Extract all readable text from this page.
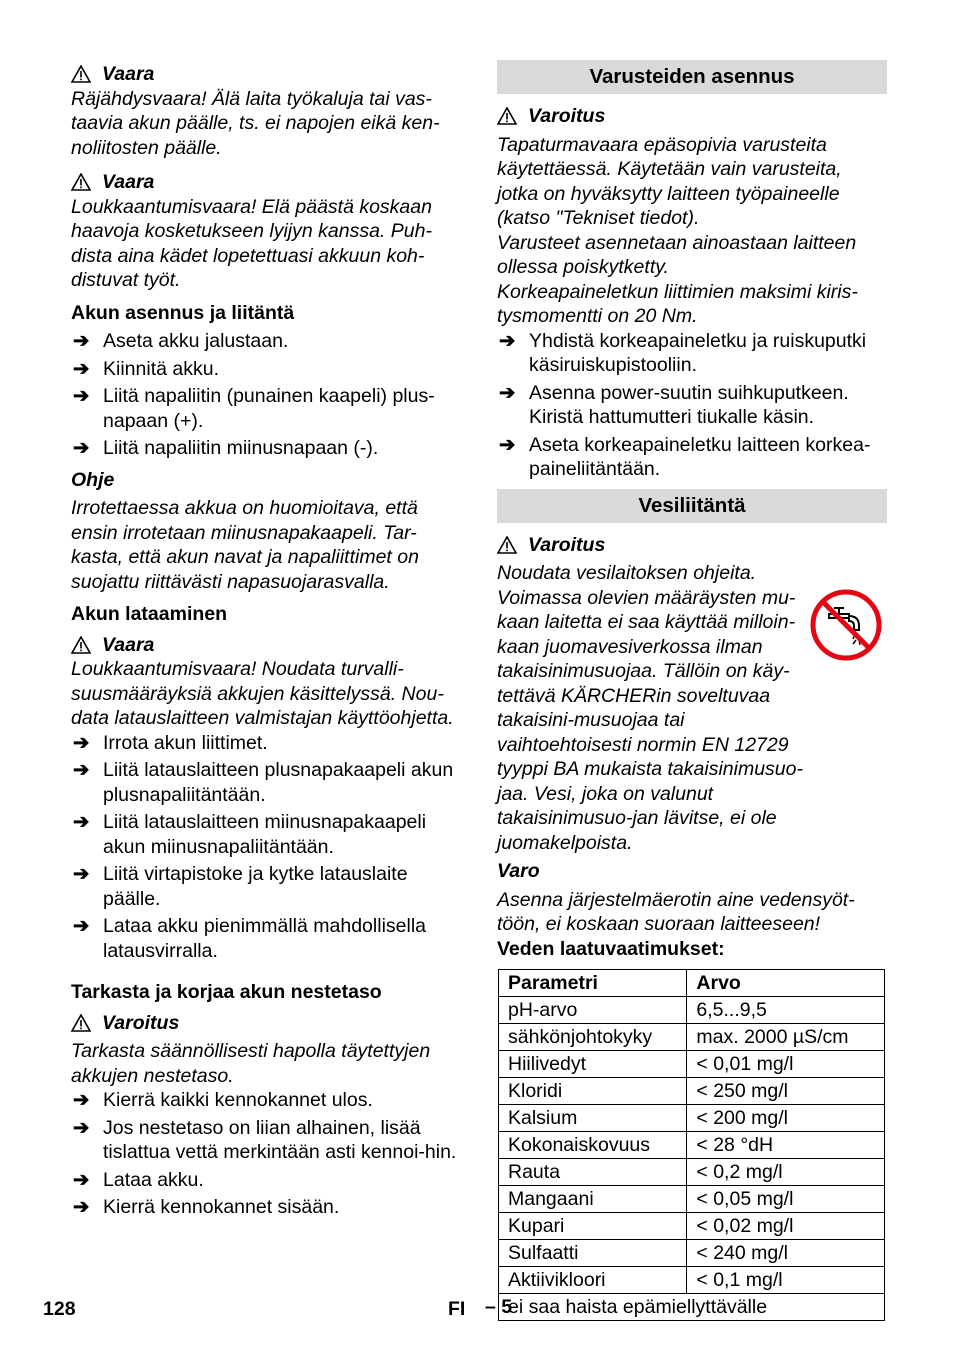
Vaara

Räjähdysvaara! Älä laita työkaluja tai vas-taavia akun päälle, ts. ei napojen eikä ken-noliitosten päälle.

Vaara

Loukkaantumisvaara! Elä päästä koskaan haavoja kosketukseen lyijyn kanssa. Puh-dista aina kädet lopetettuasi akkuun koh-distuvat työt.

Akun asennus ja liitäntä

➔ Aseta akku jalustaan.
➔ Kiinnitä akku.
➔ Liitä napaliitin (punainen kaapeli) plus-napaan (+).
➔ Liitä napaliitin miinusnapaan (-).

Ohje

Irrotettaessa akkua on huomioitava, että ensin irrotetaan miinusnapakaapeli. Tar-kasta, että akun navat ja napaliittimet on suojattu riittävästi napasuojarasvalla.

Akun lataaminen

Vaara

Loukkaantumisvaara! Noudata turvalli-suusmääräyksiä akkujen käsittelyssä. Nou-data latauslaitteen valmistajan käyttöohjetta.

➔ Irrota akun liittimet.
➔ Liitä latauslaitteen plusnapakaapeli akun plusnapaliitäntään.
➔ Liitä latauslaitteen miinusnapakaapeli akun miinusnapaliitäntään.
➔ Liitä virtapistoke ja kytke latauslaite päälle.
➔ Lataa akku pienimmällä mahdollisella latausvirralla.

Tarkasta ja korjaa akun nestetaso

Varoitus

Tarkasta säännöllisesti hapolla täytettyjen akkujen nestetaso.

➔ Kierrä kaikki kennokannet ulos.
➔ Jos nestetaso on liian alhainen, lisää tislattua vettä merkintään asti kennoi-hin.
➔ Lataa akku.
➔ Kierrä kennokannet sisään.
Varusteiden asennus
Varoitus

Tapaturmavaara epäsopivia varusteita käytettäessä. Käytetään vain varusteita, jotka on hyväksytty laitteen työpaineelle (katso "Tekniset tiedot).

Varusteet asennetaan ainoastaan laitteen ollessa poiskytketty.

Korkeapaineletkun liittimien maksimi kiris-tysmomentti on 20 Nm.

➔ Yhdistä korkeapaineletku ja ruiskuputki käsiruiskupistooliin.
➔ Asenna power-suutin suihkuputkeen. Kiristä hattumutteri tiukalle käsin.
➔ Aseta korkeapaineletku laitteen korkea-paineliitäntään.
Vesiliitäntä
Varoitus

Noudata vesilaitoksen ohjeita.

Voimassa olevien määräysten mu-kaan laitetta ei saa käyttää milloin-kaan juomavesiverkossa ilman takaisinimusuojaa. Tällöin on käy-tettävä KÄRCHERin soveltuvaa takaisini-musuojaa tai vaihtoehtoisesti normin EN 12729 tyyppi BA mukaista takaisinimusuo-jaa. Vesi, joka on valunut takaisinimusuo-jan lävitse, ei ole juomakelpoista.

Varo

Asenna järjestelmäerotin aine vedensyöt-töön, ei koskaan suoraan laitteeseen!

Veden laatuvaatimukset:

Parametri	Arvo
pH-arvo	6,5...9,5
sähkönjohtokyky	max. 2000 µS/cm
Hiilivedyt	< 0,01 mg/l
Kloridi	< 250 mg/l
Kalsium	< 200 mg/l
Kokonaiskovuus	< 28 °dH
Rauta	< 0,2 mg/l
Mangaani	< 0,05 mg/l
Kupari	< 0,02 mg/l
Sulfaatti	< 240 mg/l
Aktiivikloori	< 0,1 mg/l
ei saa haista epämiellyttävälle	
128	FI – 5
